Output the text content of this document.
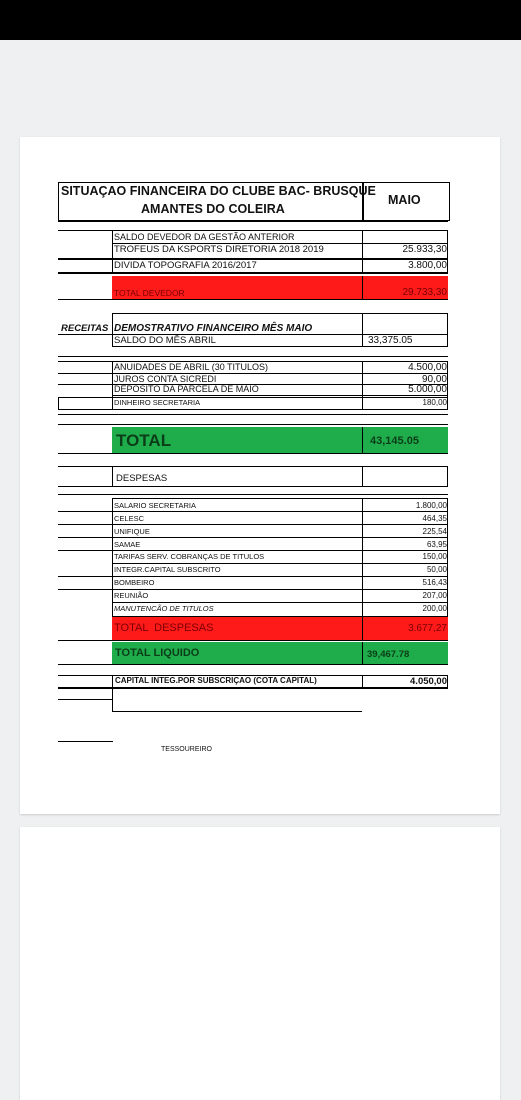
SITUAÇAO FINANCEIRA DO CLUBE BAC- BRUSQUE
AMANTES DO COLEIRA
MAIO
SALDO DEVEDOR DA GESTÃO ANTERIOR
TROFEUS DA KSPORTS DIRETORIA 2018 2019	25.933,30
DIVIDA TOPOGRAFIA 2016/2017	3.800,00
TOTAL DEVEDOR	29.733,30
RECEITAS DEMOSTRATIVO FINANCEIRO MÊS MAIO
SALDO DO MÊS ABRIL	33,375.05
ANUIDADES DE ABRIL (30 TITULOS)	4.500,00
JUROS CONTA SICREDI	90,00
DEPOSITO DA PARCELA DE MAIO	5.000,00
DINHEIRO SECRETARIA	180,00
TOTAL	43,145.05
DESPESAS
SALARIO SECRETARIA	1.800,00
CELESC	464,35
UNIFIQUE	225,54
SAMAE	63,95
TARIFAS SERV. COBRANÇAS DE TITULOS	150,00
INTEGR.CAPITAL SUBSCRITO	50,00
BOMBEIRO	516,43
REUNIÃO	207,00
MANUTENCÃO DE TITULOS	200,00
TOTAL  DESPESAS	3.677,27
TOTAL LIQUIDO	39,467.78
CAPITAL INTEG.POR SUBSCRIÇAO (COTA CAPITAL)	4.050,00
TESSOUREIRO
